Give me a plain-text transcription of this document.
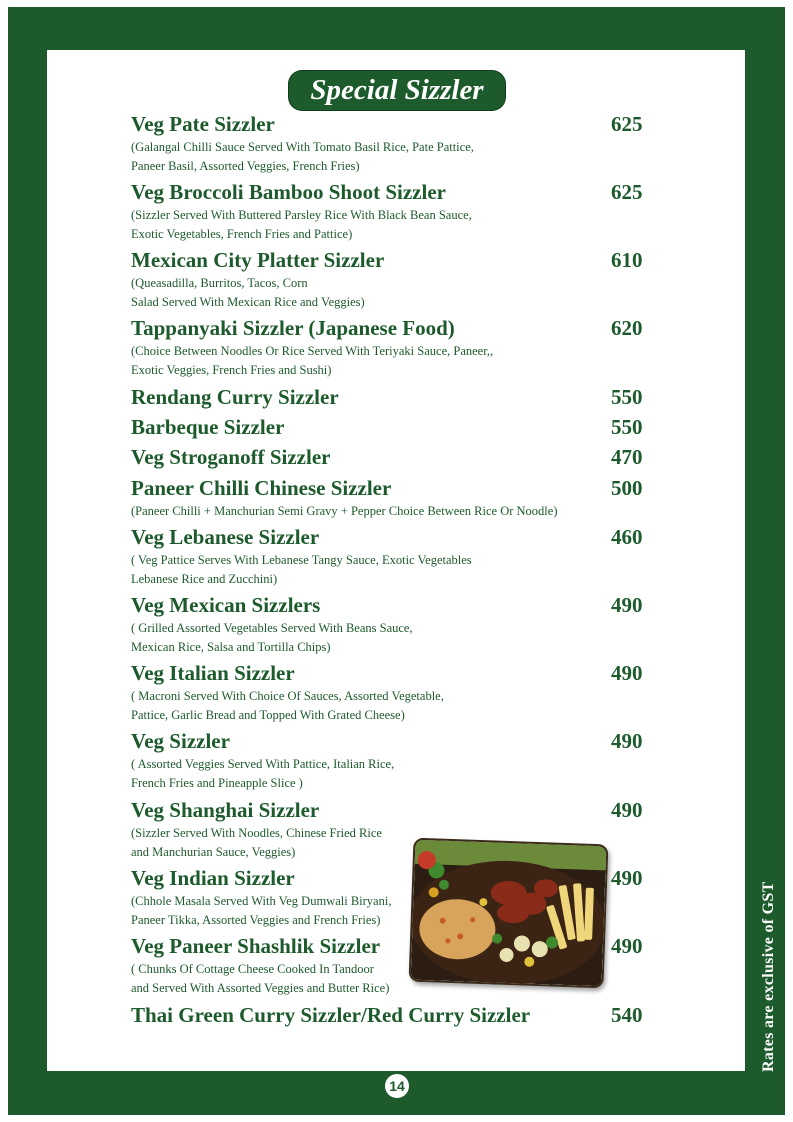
Special Sizzler
Veg Pate Sizzler	625
(Galangal Chilli Sauce Served With Tomato Basil Rice, Pate Pattice,
Paneer Basil, Assorted Veggies, French Fries)
Veg Broccoli Bamboo Shoot Sizzler	625
(Sizzler Served With Buttered Parsley Rice With Black Bean Sauce,
Exotic Vegetables, French Fries and Pattice)
Mexican City Platter Sizzler	610
(Queasadilla, Burritos, Tacos, Corn
Salad Served With Mexican Rice and Veggies)
Tappanyaki Sizzler (Japanese Food)	620
(Choice Between Noodles Or Rice Served With Teriyaki Sauce, Paneer,,
Exotic Veggies, French Fries and Sushi)
Rendang Curry Sizzler	550
Barbeque Sizzler	550
Veg Stroganoff Sizzler	470
Paneer Chilli Chinese Sizzler	500
(Paneer Chilli + Manchurian Semi Gravy + Pepper Choice Between Rice Or Noodle)
Veg Lebanese Sizzler	460
( Veg Pattice Serves With Lebanese Tangy Sauce, Exotic Vegetables
Lebanese Rice and Zucchini)
Veg Mexican Sizzlers	490
( Grilled Assorted Vegetables Served With Beans Sauce,
Mexican Rice, Salsa and Tortilla Chips)
Veg Italian Sizzler	490
( Macroni Served With Choice Of Sauces, Assorted Vegetable,
Pattice, Garlic Bread and Topped With Grated Cheese)
Veg Sizzler	490
( Assorted Veggies Served With Pattice, Italian Rice,
French Fries and Pineapple Slice )
Veg Shanghai Sizzler	490
(Sizzler Served With Noodles, Chinese Fried Rice
and Manchurian Sauce, Veggies)
Veg Indian Sizzler	490
(Chhole Masala Served With Veg Dumwali Biryani,
Paneer Tikka, Assorted Veggies and French Fries)
Veg Paneer Shashlik Sizzler	490
( Chunks Of Cottage Cheese Cooked In Tandoor
and Served With Assorted Veggies and Butter Rice)
Thai Green Curry Sizzler/Red Curry Sizzler	540	Rates are exclusive of GST
14
